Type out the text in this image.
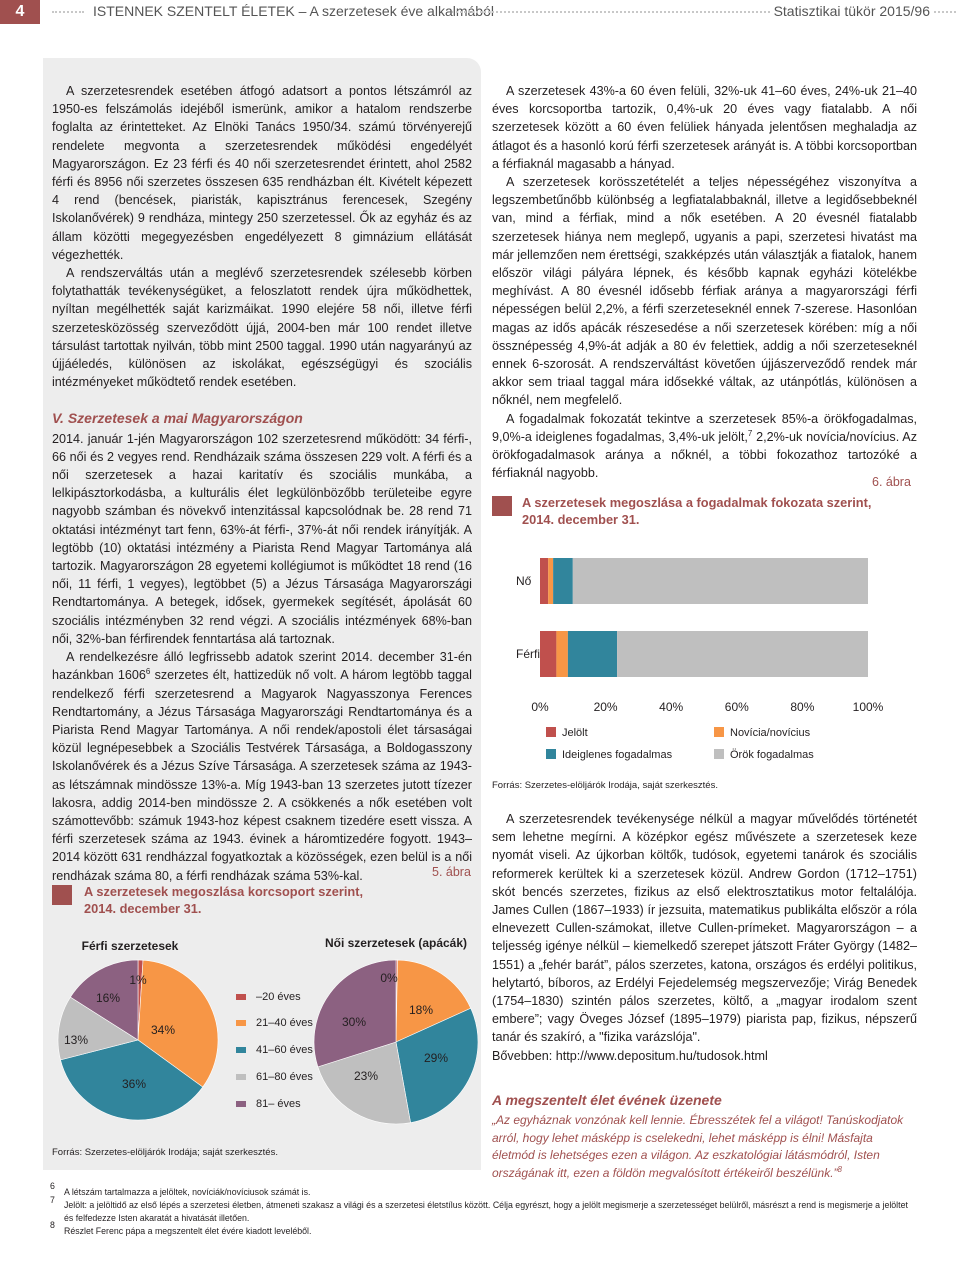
4	ISTENNEK SZENTELT ÉLETEK – A szerzetesek éve alkalmából	Statisztikai tükör 2015/96

A szerzetesrendek esetében átfogó adatsort a pontos létszámról az 1950-es felszámolás idejéből ismerünk, amikor a hatalom rendszerbe foglalta az érintetteket. Az Elnöki Tanács 1950/34. számú törvényerejű rendelete megvonta a szerzetesrendek működési engedélyét Magyarországon. Ez 23 férfi és 40 női szerzetesrendet érintett, ahol 2582 férfi és 8956 női szerzetes összesen 635 rendházban élt. Kivételt képezett 4 rend (bencések, piaristák, kapisztránus ferencesek, Szegény Iskolanővérek) 9 rendháza, mintegy 250 szerzetessel. Ők az egyház és az állam közötti megegyezésben engedélyezett 8 gimnázium ellátását végezhették.

A rendszerváltás után a meglévő szerzetesrendek szélesebb körben folytathatták tevékenységüket, a feloszlatott rendek újra működhettek, nyíltan megélhették saját karizmáikat. 1990 elejére 58 női, illetve férfi szerzetesközösség szerveződött újjá, 2004-ben már 100 rendet illetve társulást tartottak nyilván, több mint 2500 taggal. 1990 után nagyarányú az újjáéledés, különösen az iskolákat, egészségügyi és szociális intézményeket működtető rendek esetében.

V. Szerzetesek a mai Magyarországon

2014. január 1-jén Magyarországon 102 szerzetesrend működött: 34 férfi-, 66 női és 2 vegyes rend. Rendházaik száma összesen 229 volt. A férfi és a női szerzetesek a hazai karitatív és szociális munkába, a lelkipásztorkodásba, a kulturális élet legkülönbözőbb területeibe egyre nagyobb számban és növekvő intenzitással kapcsolódnak be. 28 rend 71 oktatási intézményt tart fenn, 63%-át férfi-, 37%-át női rendek irányítják. A legtöbb (10) oktatási intézmény a Piarista Rend Magyar Tartománya alá tartozik. Magyarországon 28 egyetemi kollégiumot is működtet 18 rend (16 női, 11 férfi, 1 vegyes), legtöbbet (5) a Jézus Társasága Magyarországi Rendtartománya. A betegek, idősek, gyermekek segítését, ápolását 60 szociális intézményben 32 rend végzi. A szociális intézmények 68%-ban női, 32%-ban férfirendek fenntartása alá tartoznak.

A rendelkezésre álló legfrissebb adatok szerint 2014. december 31-én hazánkban 1606$^6$ szerzetes élt, hattizedük nő volt. A három legtöbb taggal rendelkező férfi szerzetesrend a Magyarok Nagyasszonya Ferences Rendtartomány, a Jézus Társasága Magyarországi Rendtartománya és a Piarista Rend Magyar Tartománya. A női rendek/apostoli élet társaságai közül legnépesebbek a Szociális Testvérek Társasága, a Boldogasszony Iskolanővérek és a Jézus Szíve Társasága. A szerzetesek száma az 1943-as létszámnak mindössze 13%-a. Míg 1943-ban 13 szerzetes jutott tízezer lakosra, addig 2014-ben mindössze 2. A csökkenés a nők esetében volt számottevőbb: számuk 1943-hoz képest csaknem tizedére esett vissza. A férfi szerzetesek száma az 1943. évinek a háromtizedére fogyott. 1943–2014 között 631 rendházzal fogyatkoztak a közösségek, ezen belül is a női rendházak száma 80, a férfi rendházak száma 53%-kal.	5. ábra
A szerzetesek megoszlása korcsoport szerint,
2014. december 31.
Férfi szerzetesek
1%
34%
36%
13%
16%
Női szerzetesek (apácák)
0%
18%
29%
23%
30%
–20 éves
21–40 éves
41–60 éves
61–80 éves
81– éves
Forrás: Szerzetes-elöljárók Irodája; saját szerkesztés.

A szerzetesek 43%-a 60 éven felüli, 32%-uk 41–60 éves, 24%-uk 21–40 éves korcsoportba tartozik, 0,4%-uk 20 éves vagy fiatalabb. A női szerzetesek között a 60 éven felüliek hányada jelentősen meghaladja az átlagot és a hasonló korú férfi szerzetesek arányát is. A többi korcsoportban a férfiaknál magasabb a hányad.

A szerzetesek korösszetételét a teljes népességéhez viszonyítva a legszembetűnőbb különbség a legfiatalabbaknál, illetve a legidősebbeknél van, mind a férfiak, mind a nők esetében. A 20 évesnél fiatalabb szerzetesek hiánya nem meglepő, ugyanis a papi, szerzetesi hivatást ma már jellemzően nem érettségi, szakképzés után választják a fiatalok, hanem először világi pályára lépnek, és később kapnak egyházi kötelékbe meghívást. A 80 évesnél idősebb férfiak aránya a magyarországi férfi népességen belül 2,2%, a férfi szerzeteseknél ennek 7-szerese. Hasonlóan magas az idős apácák részesedése a női szerzetesek körében: míg a női össznépesség 4,9%-át adják a 80 év felettiek, addig a női szerzeteseknél ennek 6-szorosát. A rendszerváltást követően újjászerveződő rendek már akkor sem triaal taggal mára idősekké váltak, az utánpótlás, különösen a nőknél, nem megfelelő.

A fogadalmak fokozatát tekintve a szerzetesek 85%-a örökfogadalmas, 9,0%-a ideiglenes fogadalmas, 3,4%-uk jelölt,$^7$ 2,2%-uk novícia/novícius. Az örökfogadalmasok aránya a nőknél, a többi fokozathoz tartozóké a férfiaknál nagyobb.

6. ábra
A szerzetesek megoszlása a fogadalmak fokozata szerint,
2014. december 31.
Nő
Férfi
0%	20%	40%	60%	80%	100%
Jelölt	Novícia/novícius
Ideiglenes fogadalmas	Örök fogadalmas
Forrás: Szerzetes-elöljárók Irodája, saját szerkesztés.

A szerzetesrendek tevékenysége nélkül a magyar művelődés történetét sem lehetne megírni. A középkor egész művészete a szerzetesek keze nyomát viseli. Az újkorban költők, tudósok, egyetemi tanárok és szociális reformerek kerültek ki a szerzetesek közül. Andrew Gordon (1712–1751) skót bencés szerzetes, fizikus az első elektrosztatikus motor feltalálója. James Cullen (1867–1933) ír jezsuita, matematikus publikálta először a róla elnevezett Cullen-számokat, illetve Cullen-prímeket. Magyarországon – a teljesség igénye nélkül – kiemelkedő szerepet játszott Fráter György (1482–1551) a „fehér barát”, pálos szerzetes, katona, országos és erdélyi politikus, helytartó, bíboros, az Erdélyi Fejedelemség megszervezője; Virág Benedek (1754–1830) szintén pálos szerzetes, költő, a „magyar irodalom szent embere”; vagy Öveges József (1895–1979) piarista pap, fizikus, népszerű tanár és szakíró, a "fizika varázslója".

Bővebben: http://www.depositum.hu/tudosok.html

A megszentelt élet évének üzenete
„Az egyháznak vonzónak kell lennie. Ébresszétek fel a világot! Tanúskodjatok arról, hogy lehet másképp is cselekedni, lehet másképp is élni! Másfajta életmód is lehetséges ezen a világon. Az eszkatológiai látásmódról, Isten országának itt, ezen a földön megvalósított értékeiről beszélünk.”$^8$
6
A létszám tartalmazza a jelöltek, novíciák/novíciusok számát is.
7 Jelölt: a jelöltidő az első lépés a szerzetesi életben, átmeneti szakasz a világi és a szerzetesi életstílus között. Célja egyrészt, hogy a jelölt megismerje a szerzetességet belülről, másrészt a rend is megismerje a jelöltet és felfedezze Isten akaratát a hivatását illetően.
8
Részlet Ferenc pápa a megszentelt élet évére kiadott leveléből.
